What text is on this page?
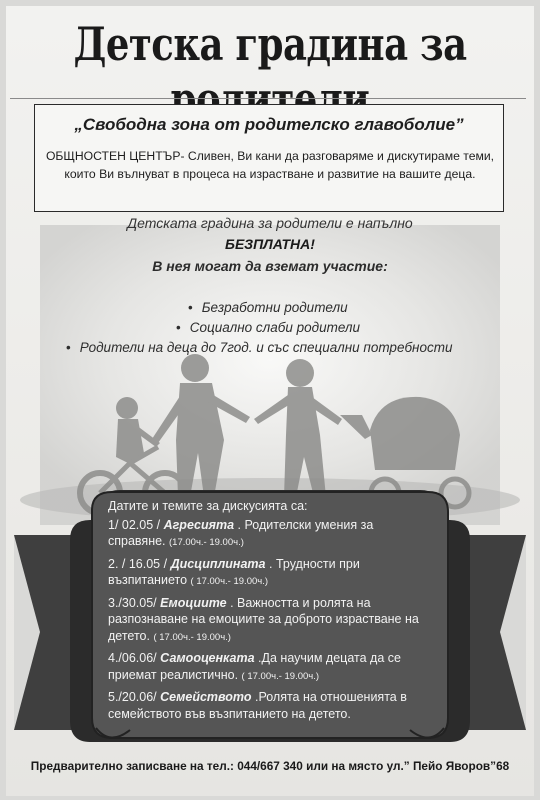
Детска градина за
„Свободна зона от родителско главоболие”
ОБЩНОСТЕН ЦЕНТЪР- Сливен, Ви кани да разговаряме и дискутираме теми, които Ви вълнуват в процеса на израстване и развитие на вашите деца.
Детската градина за родители е напълно
БЕЗПЛАТНА!
В нея могат да вземат участие:
• Безработни родители
• Социално слаби родители
• Родители на деца до 7год. и със специални потребности
Датите и темите за дискусията са:
1/ 02.05 / Агресията . Родителски умения за справяне. (17.00ч.- 19.00ч.)
2. / 16.05 / Дисциплината . Трудности при възпитанието ( 17.00ч.- 19.00ч.)
3./30.05/ Емоциите . Важността и ролята на разпознаване на емоциите за доброто израстване на детето. ( 17.00ч.- 19.00ч.)
4./06.06/ Самооценката .Да научим децата да се приемат реалистично. ( 17.00ч.- 19.00ч.)
5./20.06/ Семейството .Ролята на отношенията в семейството във възпитанието на детето.
Предварително записване на тел.: 044/667 340 или на място ул.” Пейо Яворов”68
